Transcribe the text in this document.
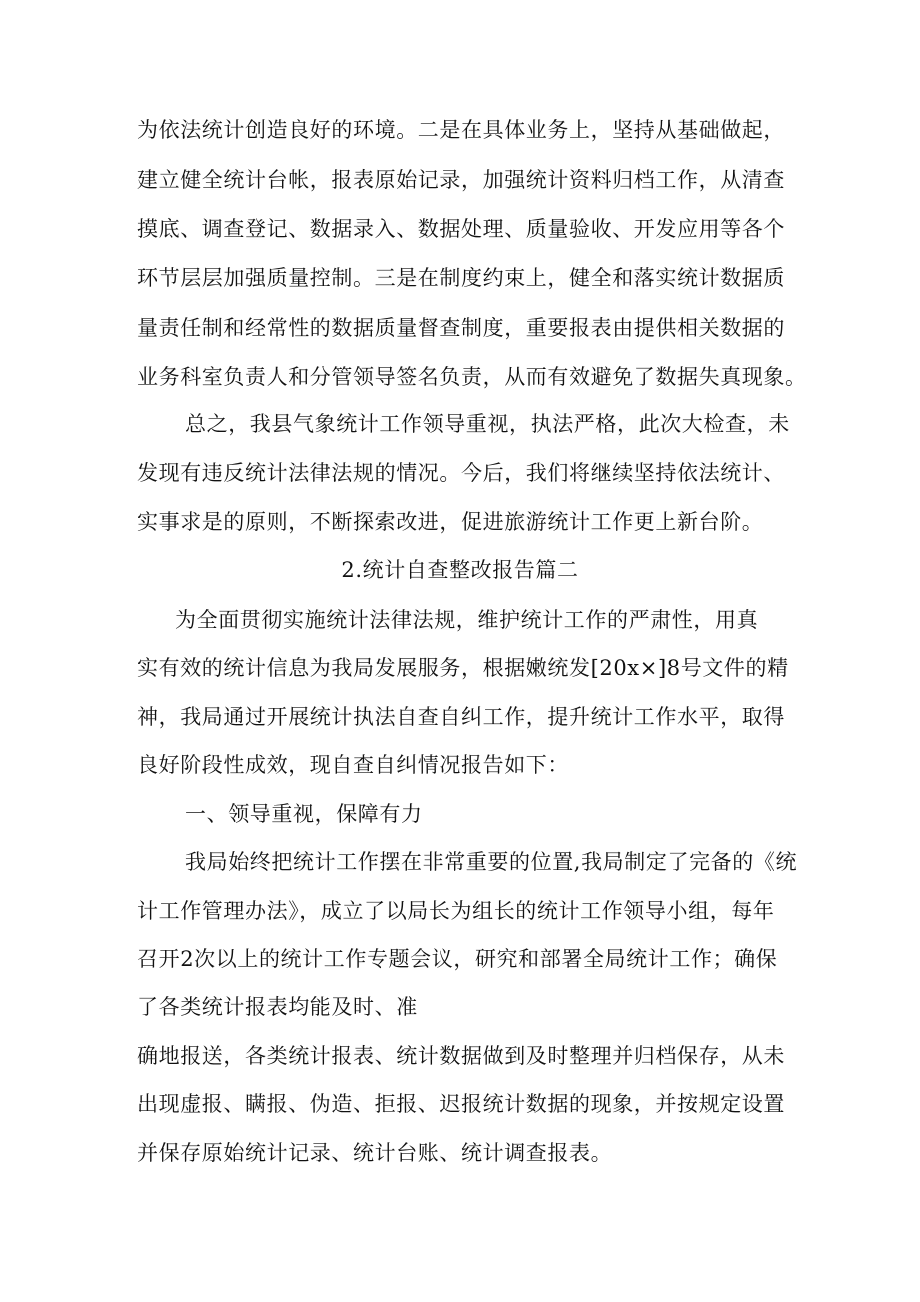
为依法统计创造良好的环境。二是在具体业务上，坚持从基础做起，
建立健全统计台帐，报表原始记录，加强统计资料归档工作，从清查
摸底、调查登记、数据录入、数据处理、质量验收、开发应用等各个
环节层层加强质量控制。三是在制度约束上，健全和落实统计数据质
量责任制和经常性的数据质量督查制度，重要报表由提供相关数据的
业务科室负责人和分管领导签名负责，从而有效避免了数据失真现象。
总之，我县气象统计工作领导重视，执法严格，此次大检查，未
发现有违反统计法律法规的情况。今后，我们将继续坚持依法统计、
实事求是的原则，不断探索改进，促进旅游统计工作更上新台阶。
2.统计自查整改报告篇二
为全面贯彻实施统计法律法规，维护统计工作的严肃性，用真
实有效的统计信息为我局发展服务，根据嫩统发[20x×]8号文件的精
神，我局通过开展统计执法自查自纠工作，提升统计工作水平，取得
良好阶段性成效，现自查自纠情况报告如下：
一、领导重视，保障有力
我局始终把统计工作摆在非常重要的位置,我局制定了完备的《统
计工作管理办法》，成立了以局长为组长的统计工作领导小组，每年
召开2次以上的统计工作专题会议，研究和部署全局统计工作；确保
了各类统计报表均能及时、准
确地报送，各类统计报表、统计数据做到及时整理并归档保存，从未
出现虚报、瞒报、伪造、拒报、迟报统计数据的现象，并按规定设置
并保存原始统计记录、统计台账、统计调查报表。
